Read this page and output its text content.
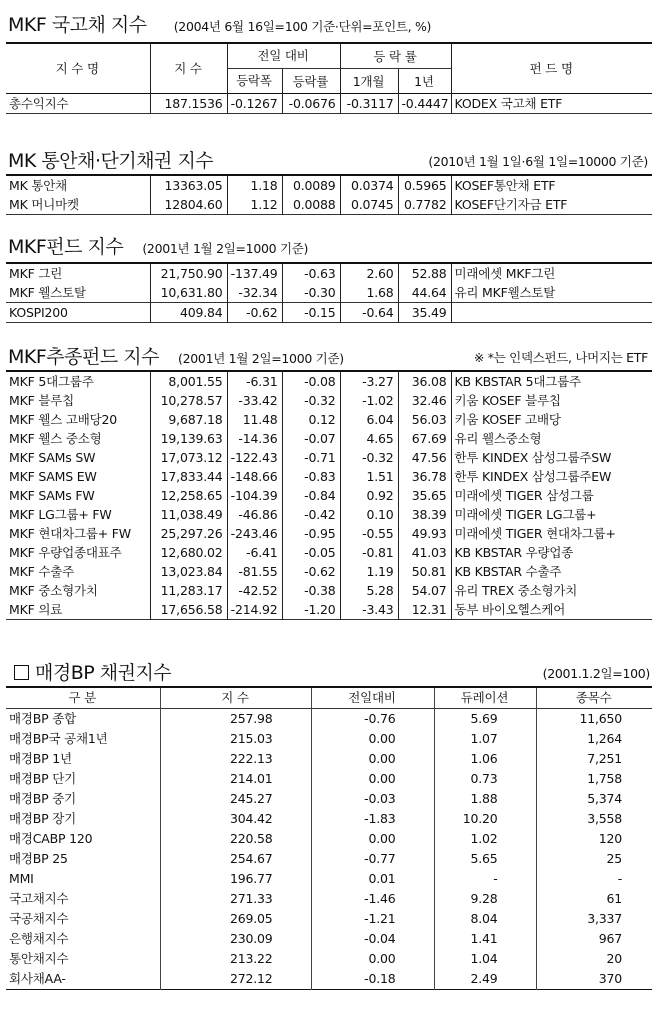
MKF 국고채 지수 (2004년 6월 16일=100 기준·단위=포인트, %)
지 수 명	지 수	전일 대비		등 락 률		펀 드 명
		등락폭	등락률	1개월	1년	
총수익지수	187.1536	-0.1267	-0.0676	-0.3117	-0.4447	KODEX 국고채 ETF
MK 통안채·단기채권 지수	(2010년 1월 1일·6월 1일=10000 기준)
MK 통안채	13363.05	1.18	0.0089	0.0374	0.5965	KOSEF통안채 ETF
MK 머니마켓	12804.60	1.12	0.0088	0.0745	0.7782	KOSEF단기자금 ETF
MKF펀드 지수 (2001년 1월 2일=1000 기준)
MKF 그린	21,750.90	-137.49	-0.63	2.60	52.88	미래에셋 MKF그린
MKF 웰스토탈	10,631.80	-32.34	-0.30	1.68	44.64	유리 MKF웰스토탈
KOSPI200	409.84	-0.62	-0.15	-0.64	35.49	
MKF추종펀드 지수 (2001년 1월 2일=1000 기준)	※ *는 인덱스펀드, 나머지는 ETF
MKF 5대그룹주	8,001.55	-6.31	-0.08	-3.27	36.08	KB KBSTAR 5대그룹주
MKF 블루칩	10,278.57	-33.42	-0.32	-1.02	32.46	키움 KOSEF 블루칩
MKF 웰스 고배당20	9,687.18	11.48	0.12	6.04	56.03	키움 KOSEF 고배당
MKF 웰스 중소형	19,139.63	-14.36	-0.07	4.65	67.69	유리 웰스중소형
MKF SAMs SW	17,073.12	-122.43	-0.71	-0.32	47.56	한투 KINDEX 삼성그룹주SW
MKF SAMS EW	17,833.44	-148.66	-0.83	1.51	36.78	한투 KINDEX 삼성그룹주EW
MKF SAMs FW	12,258.65	-104.39	-0.84	0.92	35.65	미래에셋 TIGER 삼성그룹
MKF LG그룹+ FW	11,038.49	-46.86	-0.42	0.10	38.39	미래에셋 TIGER LG그룹+
MKF 현대차그룹+ FW	25,297.26	-243.46	-0.95	-0.55	49.93	미래에셋 TIGER 현대차그룹+
MKF 우량업종대표주	12,680.02	-6.41	-0.05	-0.81	41.03	KB KBSTAR 우량업종
MKF 수출주	13,023.84	-81.55	-0.62	1.19	50.81	KB KBSTAR 수출주
MKF 중소형가치	11,283.17	-42.52	-0.38	5.28	54.07	유리 TREX 중소형가치
MKF 의료	17,656.58	-214.92	-1.20	-3.43	12.31	동부 바이오헬스케어
매경BP 채권지수	(2001.1.2일=100)
구 분	지 수	전일대비	듀레이션	종목수
매경BP 종합	257.98	-0.76	5.69	11,650
매경BP국 공채1년	215.03	0.00	1.07	1,264
매경BP 1년	222.13	0.00	1.06	7,251
매경BP 단기	214.01	0.00	0.73	1,758
매경BP 중기	245.27	-0.03	1.88	5,374
매경BP 장기	304.42	-1.83	10.20	3,558
매경CABP 120	220.58	0.00	1.02	120
매경BP 25	254.67	-0.77	5.65	25
MMI	196.77	0.01	-	-
국고채지수	271.33	-1.46	9.28	61
국공채지수	269.05	-1.21	8.04	3,337
은행채지수	230.09	-0.04	1.41	967
통안채지수	213.22	0.00	1.04	20
회사채AA-	272.12	-0.18	2.49	370
